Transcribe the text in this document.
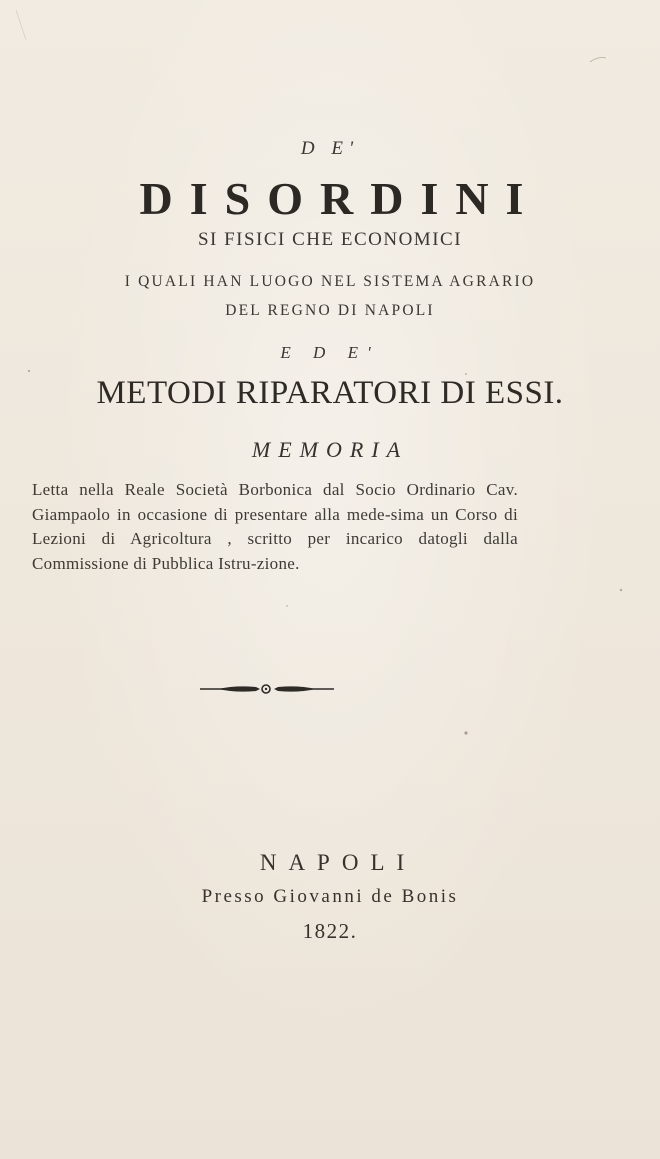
D E'
DISORDINI
SI FISICI CHE ECONOMICI
I QUALI HAN LUOGO NEL SISTEMA AGRARIO
DEL REGNO DI NAPOLI
E D E'
METODI RIPARATORI DI ESSI.
MEMORIA
Letta nella Reale Società Borbonica dal Socio Ordinario Cav. Giampaolo in occasione di presentare alla mede-sima un Corso di Lezioni di Agricoltura , scritto per incarico datogli dalla Commissione di Pubblica Istru-zione.
NAPOLI
Presso Giovanni de Bonis
1822.
